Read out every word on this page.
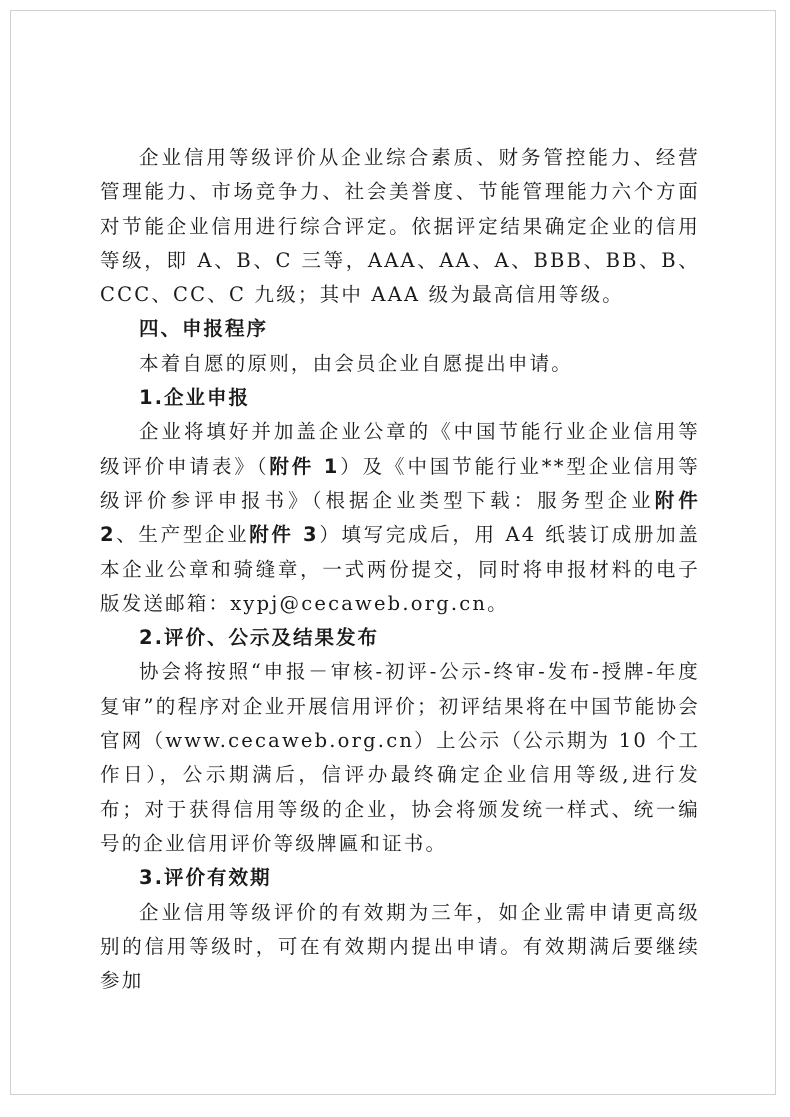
企业信用等级评价从企业综合素质、财务管控能力、经营管理能力、市场竞争力、社会美誉度、节能管理能力六个方面对节能企业信用进行综合评定。依据评定结果确定企业的信用等级，即 A、B、C 三等，AAA、AA、A、BBB、BB、B、CCC、CC、C 九级；其中 AAA 级为最高信用等级。

四、申报程序

本着自愿的原则，由会员企业自愿提出申请。

1.企业申报

企业将填好并加盖企业公章的《中国节能行业企业信用等级评价申请表》（附件 1）及《中国节能行业**型企业信用等级评价参评申报书》（根据企业类型下载：服务型企业附件 2、生产型企业附件 3）填写完成后，用 A4 纸装订成册加盖本企业公章和骑缝章，一式两份提交，同时将申报材料的电子版发送邮箱：xypj@cecaweb.org.cn。

2.评价、公示及结果发布

协会将按照“申报－审核-初评-公示-终审-发布-授牌-年度复审”的程序对企业开展信用评价；初评结果将在中国节能协会官网（www.cecaweb.org.cn）上公示（公示期为 10 个工作日），公示期满后，信评办最终确定企业信用等级,进行发布；对于获得信用等级的企业，协会将颁发统一样式、统一编号的企业信用评价等级牌匾和证书。

3.评价有效期

企业信用等级评价的有效期为三年，如企业需申请更高级别的信用等级时，可在有效期内提出申请。有效期满后要继续参加
